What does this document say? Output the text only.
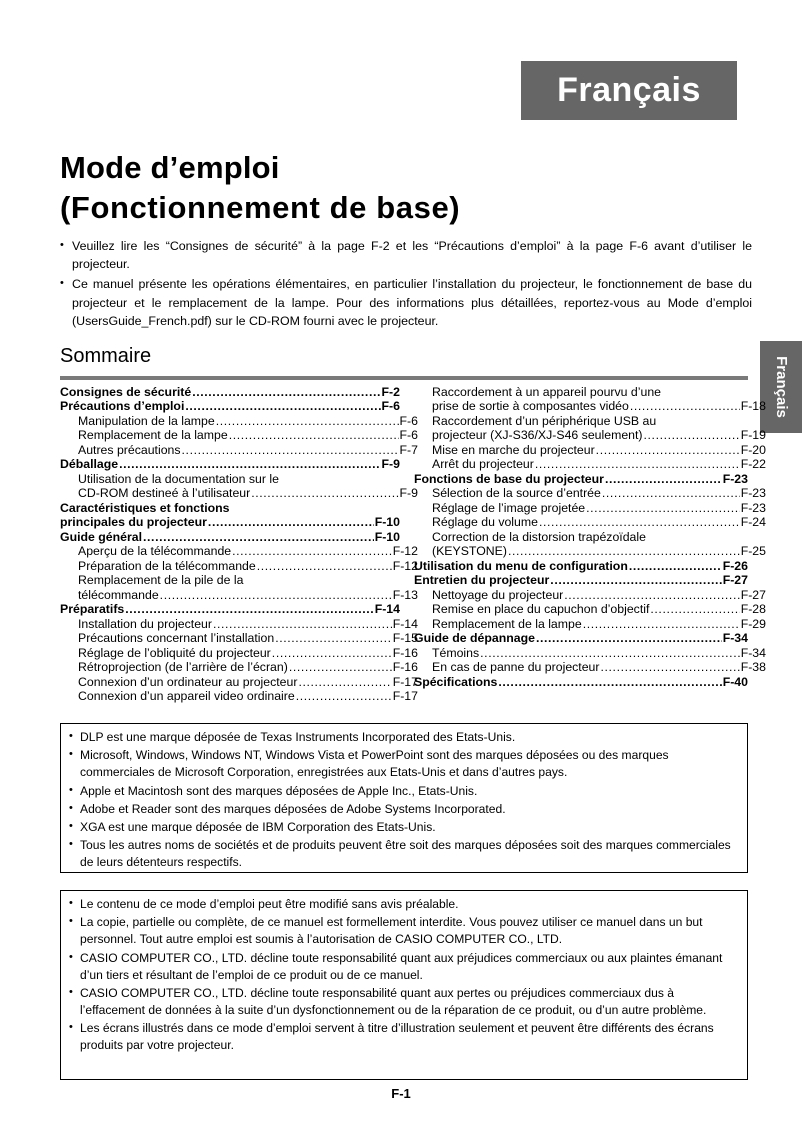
Français
Français
Mode d’emploi
(Fonctionnement de base)
• Veuillez lire les “Consignes de sécurité” à la page F-2 et les “Précautions d’emploi” à la page F-6 avant d’utiliser le projecteur.
• Ce manuel présente les opérations élémentaires, en particulier l’installation du projecteur, le fonctionnement de base du projecteur et le remplacement de la lampe. Pour des informations plus détaillées, reportez-vous au Mode d’emploi (UsersGuide_French.pdf) sur le CD-ROM fourni avec le projecteur.
Sommaire
Consignes de sécurité .....	F-2
Précautions d’emploi .....	F-6
Manipulation de la lampe .....	F-6
Remplacement de la lampe .....	F-6
Autres précautions .....	F-7
Déballage .....	F-9
Utilisation de la documentation sur le
CD-ROM destineé à l’utilisateur .....	F-9
Caractéristiques et fonctions
principales du projecteur .....	F-10
Guide général .....	F-10
Aperçu de la télécommande .....	F-12
Préparation de la télécommande .....	F-12
Remplacement de la pile de la
télécommande .....	F-13
Préparatifs .....	F-14
Installation du projecteur .....	F-14
Précautions concernant l’installation .....	F-15
Réglage de l’obliquité du projecteur .....	F-16
Rétroprojection (de l’arrière de l’écran) .....	F-16
Connexion d’un ordinateur au projecteur .....	F-17
Connexion d’un appareil video ordinaire .....	F-17
Raccordement à un appareil pourvu d’une
prise de sortie à composantes vidéo .....	F-18
Raccordement d’un périphérique USB au
projecteur (XJ-S36/XJ-S46 seulement) .....	F-19
Mise en marche du projecteur .....	F-20
Arrêt du projecteur .....	F-22
Fonctions de base du projecteur .....	F-23
Sélection de la source d’entrée .....	F-23
Réglage de l’image projetée .....	F-23
Réglage du volume .....	F-24
Correction de la distorsion trapézoïdale
(KEYSTONE) .....	F-25
Utilisation du menu de configuration .....	F-26
Entretien du projecteur .....	F-27
Nettoyage du projecteur .....	F-27
Remise en place du capuchon d’objectif .....	F-28
Remplacement de la lampe .....	F-29
Guide de dépannage .....	F-34
Témoins .....	F-34
En cas de panne du projecteur .....	F-38
Spécifications .....	F-40
• DLP est une marque déposée de Texas Instruments Incorporated des Etats-Unis.
• Microsoft, Windows, Windows NT, Windows Vista et PowerPoint sont des marques déposées ou des marques commerciales de Microsoft Corporation, enregistrées aux Etats-Unis et dans d’autres pays.
• Apple et Macintosh sont des marques déposées de Apple Inc., Etats-Unis.
• Adobe et Reader sont des marques déposées de Adobe Systems Incorporated.
• XGA est une marque déposée de IBM Corporation des Etats-Unis.
• Tous les autres noms de sociétés et de produits peuvent être soit des marques déposées soit des marques commerciales de leurs détenteurs respectifs.
• Le contenu de ce mode d’emploi peut être modifié sans avis préalable.
• La copie, partielle ou complète, de ce manuel est formellement interdite. Vous pouvez utiliser ce manuel dans un but personnel. Tout autre emploi est soumis à l’autorisation de CASIO COMPUTER CO., LTD.
• CASIO COMPUTER CO., LTD. décline toute responsabilité quant aux préjudices commerciaux ou aux plaintes émanant d’un tiers et résultant de l’emploi de ce produit ou de ce manuel.
• CASIO COMPUTER CO., LTD. décline toute responsabilité quant aux pertes ou préjudices commerciaux dus à l’effacement de données à la suite d’un dysfonctionnement ou de la réparation de ce produit, ou d’un autre problème.
• Les écrans illustrés dans ce mode d’emploi servent à titre d’illustration seulement et peuvent être différents des écrans produits par votre projecteur.
F-1
